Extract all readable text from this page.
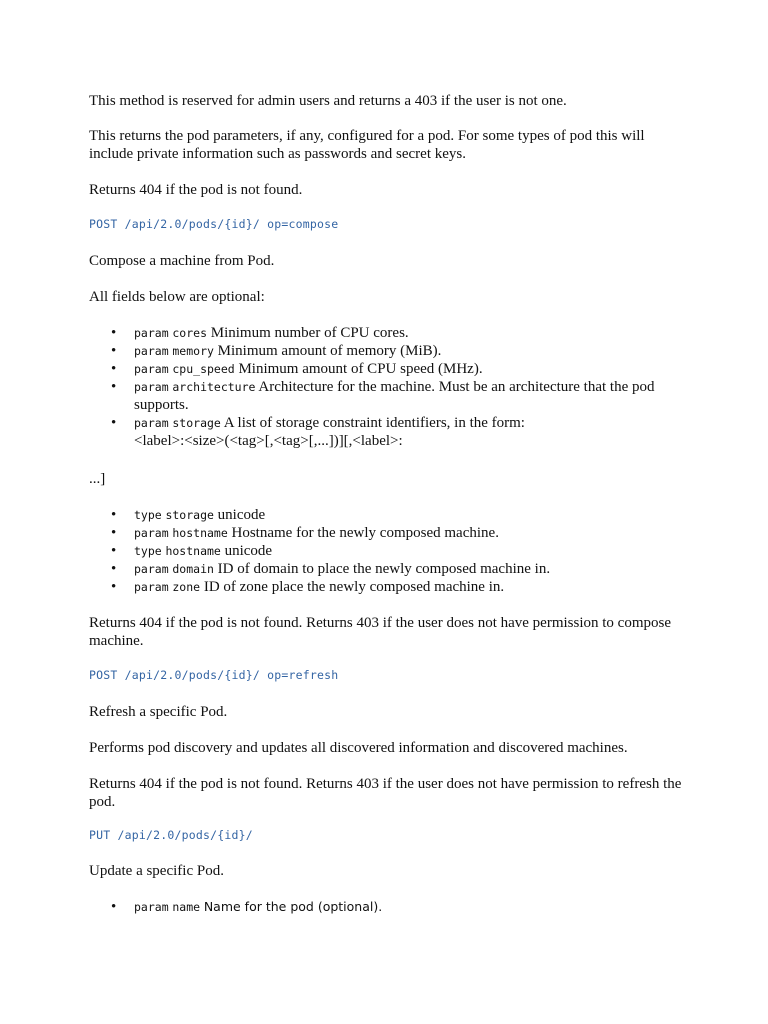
This method is reserved for admin users and returns a 403 if the user is not one.

This returns the pod parameters, if any, configured for a pod. For some types of pod this will include private information such as passwords and secret keys.

Returns 404 if the pod is not found.

POST /api/2.0/pods/{id}/ op=compose

Compose a machine from Pod.

All fields below are optional:

• param cores Minimum number of CPU cores.
• param memory Minimum amount of memory (MiB).
• param cpu_speed Minimum amount of CPU speed (MHz).
• param architecture Architecture for the machine. Must be an architecture that the pod supports.
• param storage A list of storage constraint identifiers, in the form:
<label>:<size>(<tag>[,<tag>[,...])][,<label>:

...]

• type storage unicode
• param hostname Hostname for the newly composed machine.
• type hostname unicode
• param domain ID of domain to place the newly composed machine in.
• param zone ID of zone place the newly composed machine in.

Returns 404 if the pod is not found. Returns 403 if the user does not have permission to compose machine.

POST /api/2.0/pods/{id}/ op=refresh

Refresh a specific Pod.

Performs pod discovery and updates all discovered information and discovered machines.

Returns 404 if the pod is not found. Returns 403 if the user does not have permission to refresh the pod.

PUT /api/2.0/pods/{id}/

Update a specific Pod.

• param name Name for the pod (optional).
